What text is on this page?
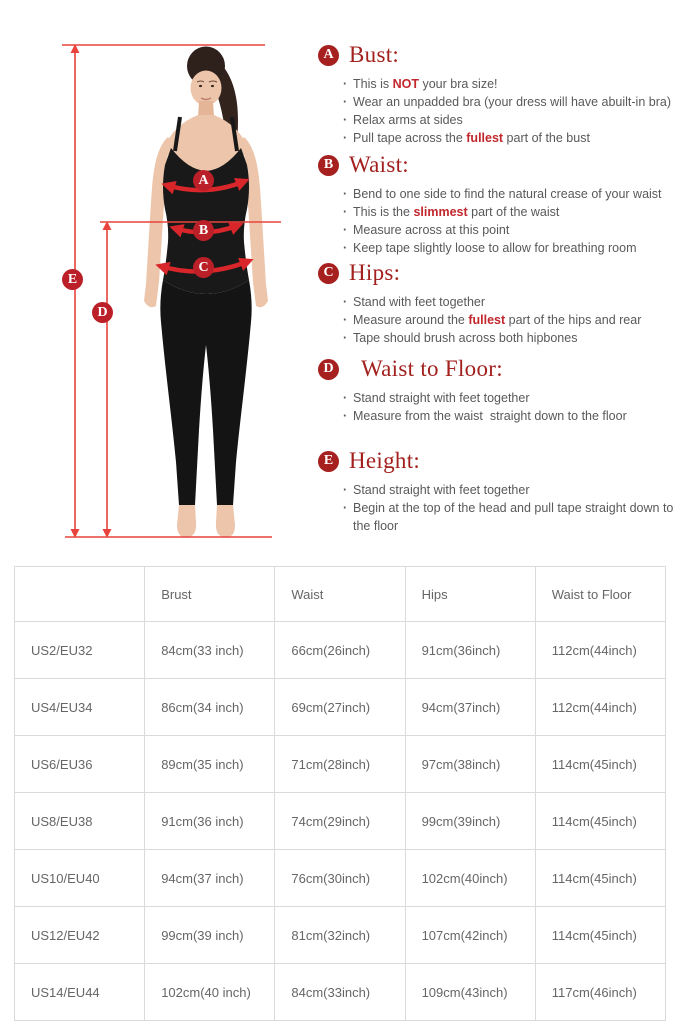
A
B
C
D
E
A Bust:
· This is NOT your bra size!
· Wear an unpadded bra (your dress will have abuilt-in bra)
· Relax arms at sides
· Pull tape across the fullest part of the bust
B Waist:
· Bend to one side to find the natural crease of your waist
· This is the slimmest part of the waist
· Measure across at this point
· Keep tape slightly loose to allow for breathing room
C Hips:
· Stand with feet together
· Measure around the fullest part of the hips and rear
· Tape should brush across both hipbones
D Waist to Floor:
· Stand straight with feet together
· Measure from the waist  straight down to the floor
E Height:
· Stand straight with feet together
· Begin at the top of the head and pull tape straight down to the floor
	Brust	Waist	Hips	Waist to Floor
US2/EU32	84cm(33 inch)	66cm(26inch)	91cm(36inch)	112cm(44inch)
US4/EU34	86cm(34 inch)	69cm(27inch)	94cm(37inch)	112cm(44inch)
US6/EU36	89cm(35 inch)	71cm(28inch)	97cm(38inch)	114cm(45inch)
US8/EU38	91cm(36 inch)	74cm(29inch)	99cm(39inch)	114cm(45inch)
US10/EU40	94cm(37 inch)	76cm(30inch)	102cm(40inch)	114cm(45inch)
US12/EU42	99cm(39 inch)	81cm(32inch)	107cm(42inch)	114cm(45inch)
US14/EU44	102cm(40 inch)	84cm(33inch)	109cm(43inch)	117cm(46inch)
